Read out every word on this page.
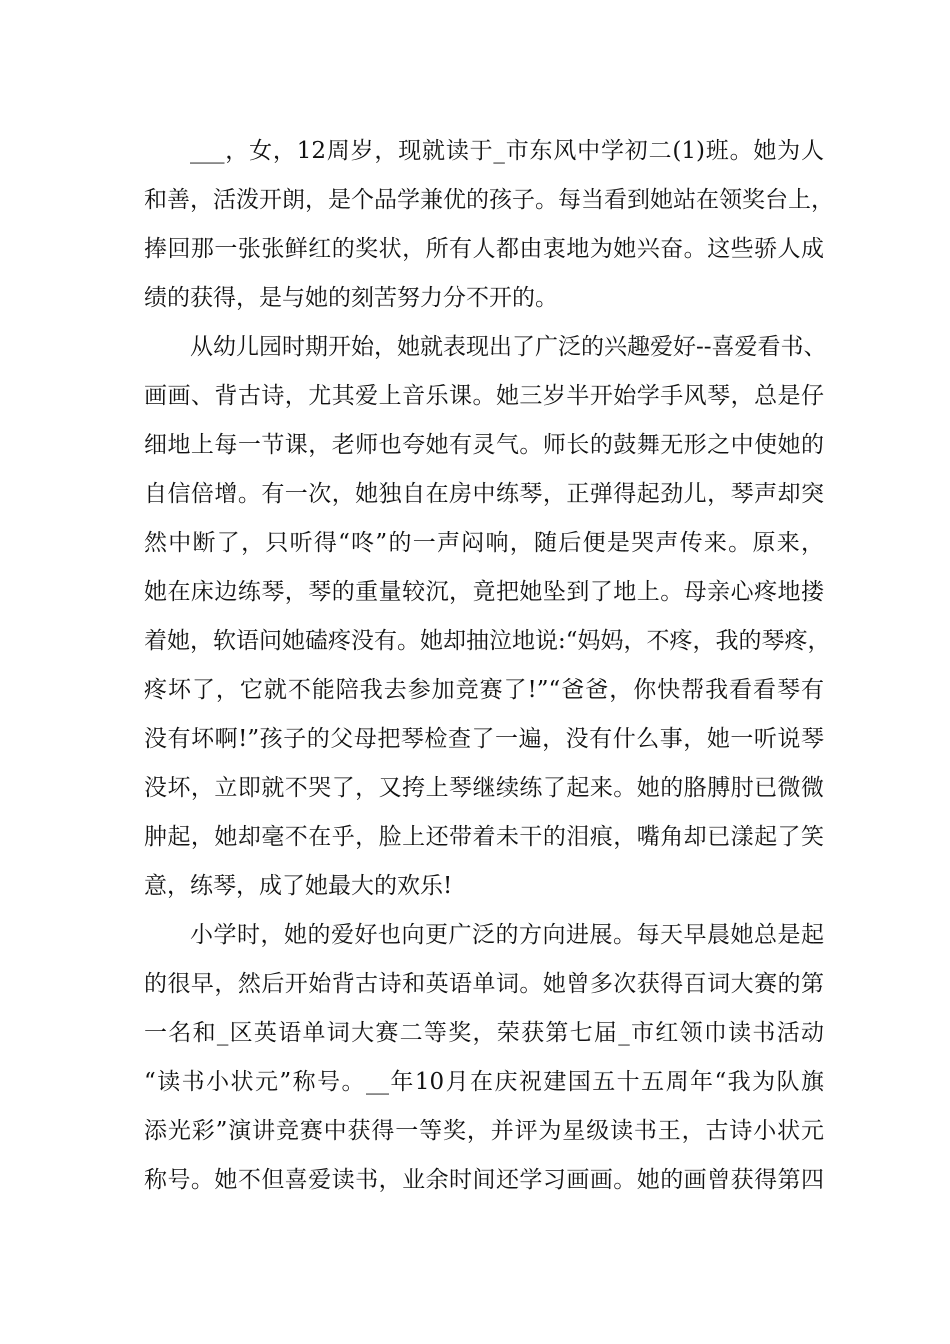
___，女，12周岁，现就读于_市东风中学初二(1)班。她为人
和善，活泼开朗，是个品学兼优的孩子。每当看到她站在领奖台上，
捧回那一张张鲜红的奖状，所有人都由衷地为她兴奋。这些骄人成
绩的获得，是与她的刻苦努力分不开的。
从幼儿园时期开始，她就表现出了广泛的兴趣爱好--喜爱看书、
画画、背古诗，尤其爱上音乐课。她三岁半开始学手风琴，总是仔
细地上每一节课，老师也夸她有灵气。师长的鼓舞无形之中使她的
自信倍增。有一次，她独自在房中练琴，正弹得起劲儿，琴声却突
然中断了，只听得“咚”的一声闷响，随后便是哭声传来。原来，
她在床边练琴，琴的重量较沉，竟把她坠到了地上。母亲心疼地搂
着她，软语问她磕疼没有。她却抽泣地说:“妈妈，不疼，我的琴疼，
疼坏了，它就不能陪我去参加竞赛了!”“爸爸，你快帮我看看琴有
没有坏啊!”孩子的父母把琴检查了一遍，没有什么事，她一听说琴
没坏，立即就不哭了，又挎上琴继续练了起来。她的胳膊肘已微微
肿起，她却毫不在乎，脸上还带着未干的泪痕，嘴角却已漾起了笑
意，练琴，成了她最大的欢乐!
小学时，她的爱好也向更广泛的方向进展。每天早晨她总是起
的很早，然后开始背古诗和英语单词。她曾多次获得百词大赛的第
一名和_区英语单词大赛二等奖，荣获第七届_市红领巾读书活动
“读书小状元”称号。__年10月在庆祝建国五十五周年“我为队旗
添光彩”演讲竞赛中获得一等奖，并评为星级读书王，古诗小状元
称号。她不但喜爱读书，业余时间还学习画画。她的画曾获得第四
